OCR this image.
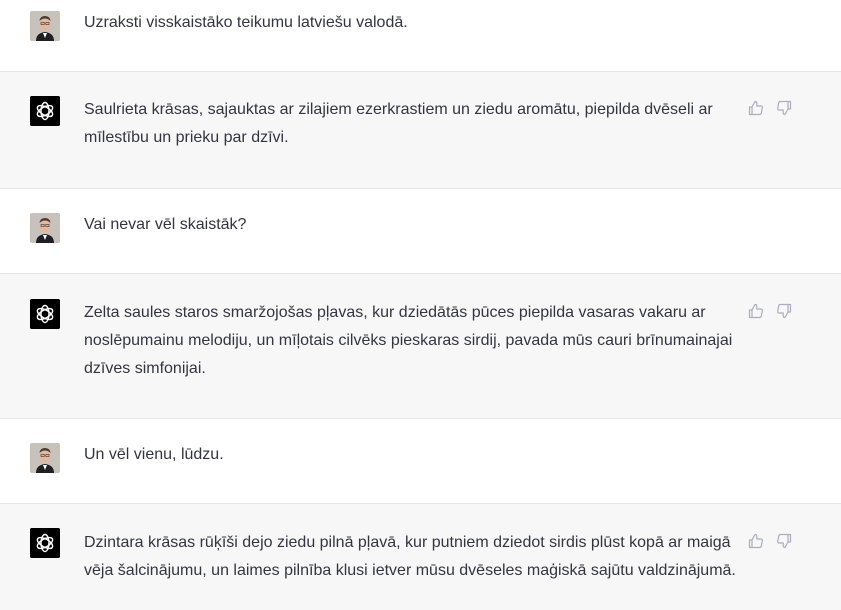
Uzraksti visskaistāko teikumu latviešu valodā.

Saulrieta krāsas, sajauktas ar zilajiem ezerkrastiem un ziedu aromātu, piepilda dvēseli ar mīlestību un prieku par dzīvi.

Vai nevar vēl skaistāk?

Zelta saules staros smaržojošas pļavas, kur dziedātās pūces piepilda vasaras vakaru ar noslēpumainu melodiju, un mīļotais cilvēks pieskaras sirdij, pavada mūs cauri brīnumainajai dzīves simfonijai.

Un vēl vienu, lūdzu.

Dzintara krāsas rūķīši dejo ziedu pilnā pļavā, kur putniem dziedot sirdis plūst kopā ar maigā vēja šalcinājumu, un laimes pilnība klusi ietver mūsu dvēseles maģiskā sajūtu valdzinājumā.
